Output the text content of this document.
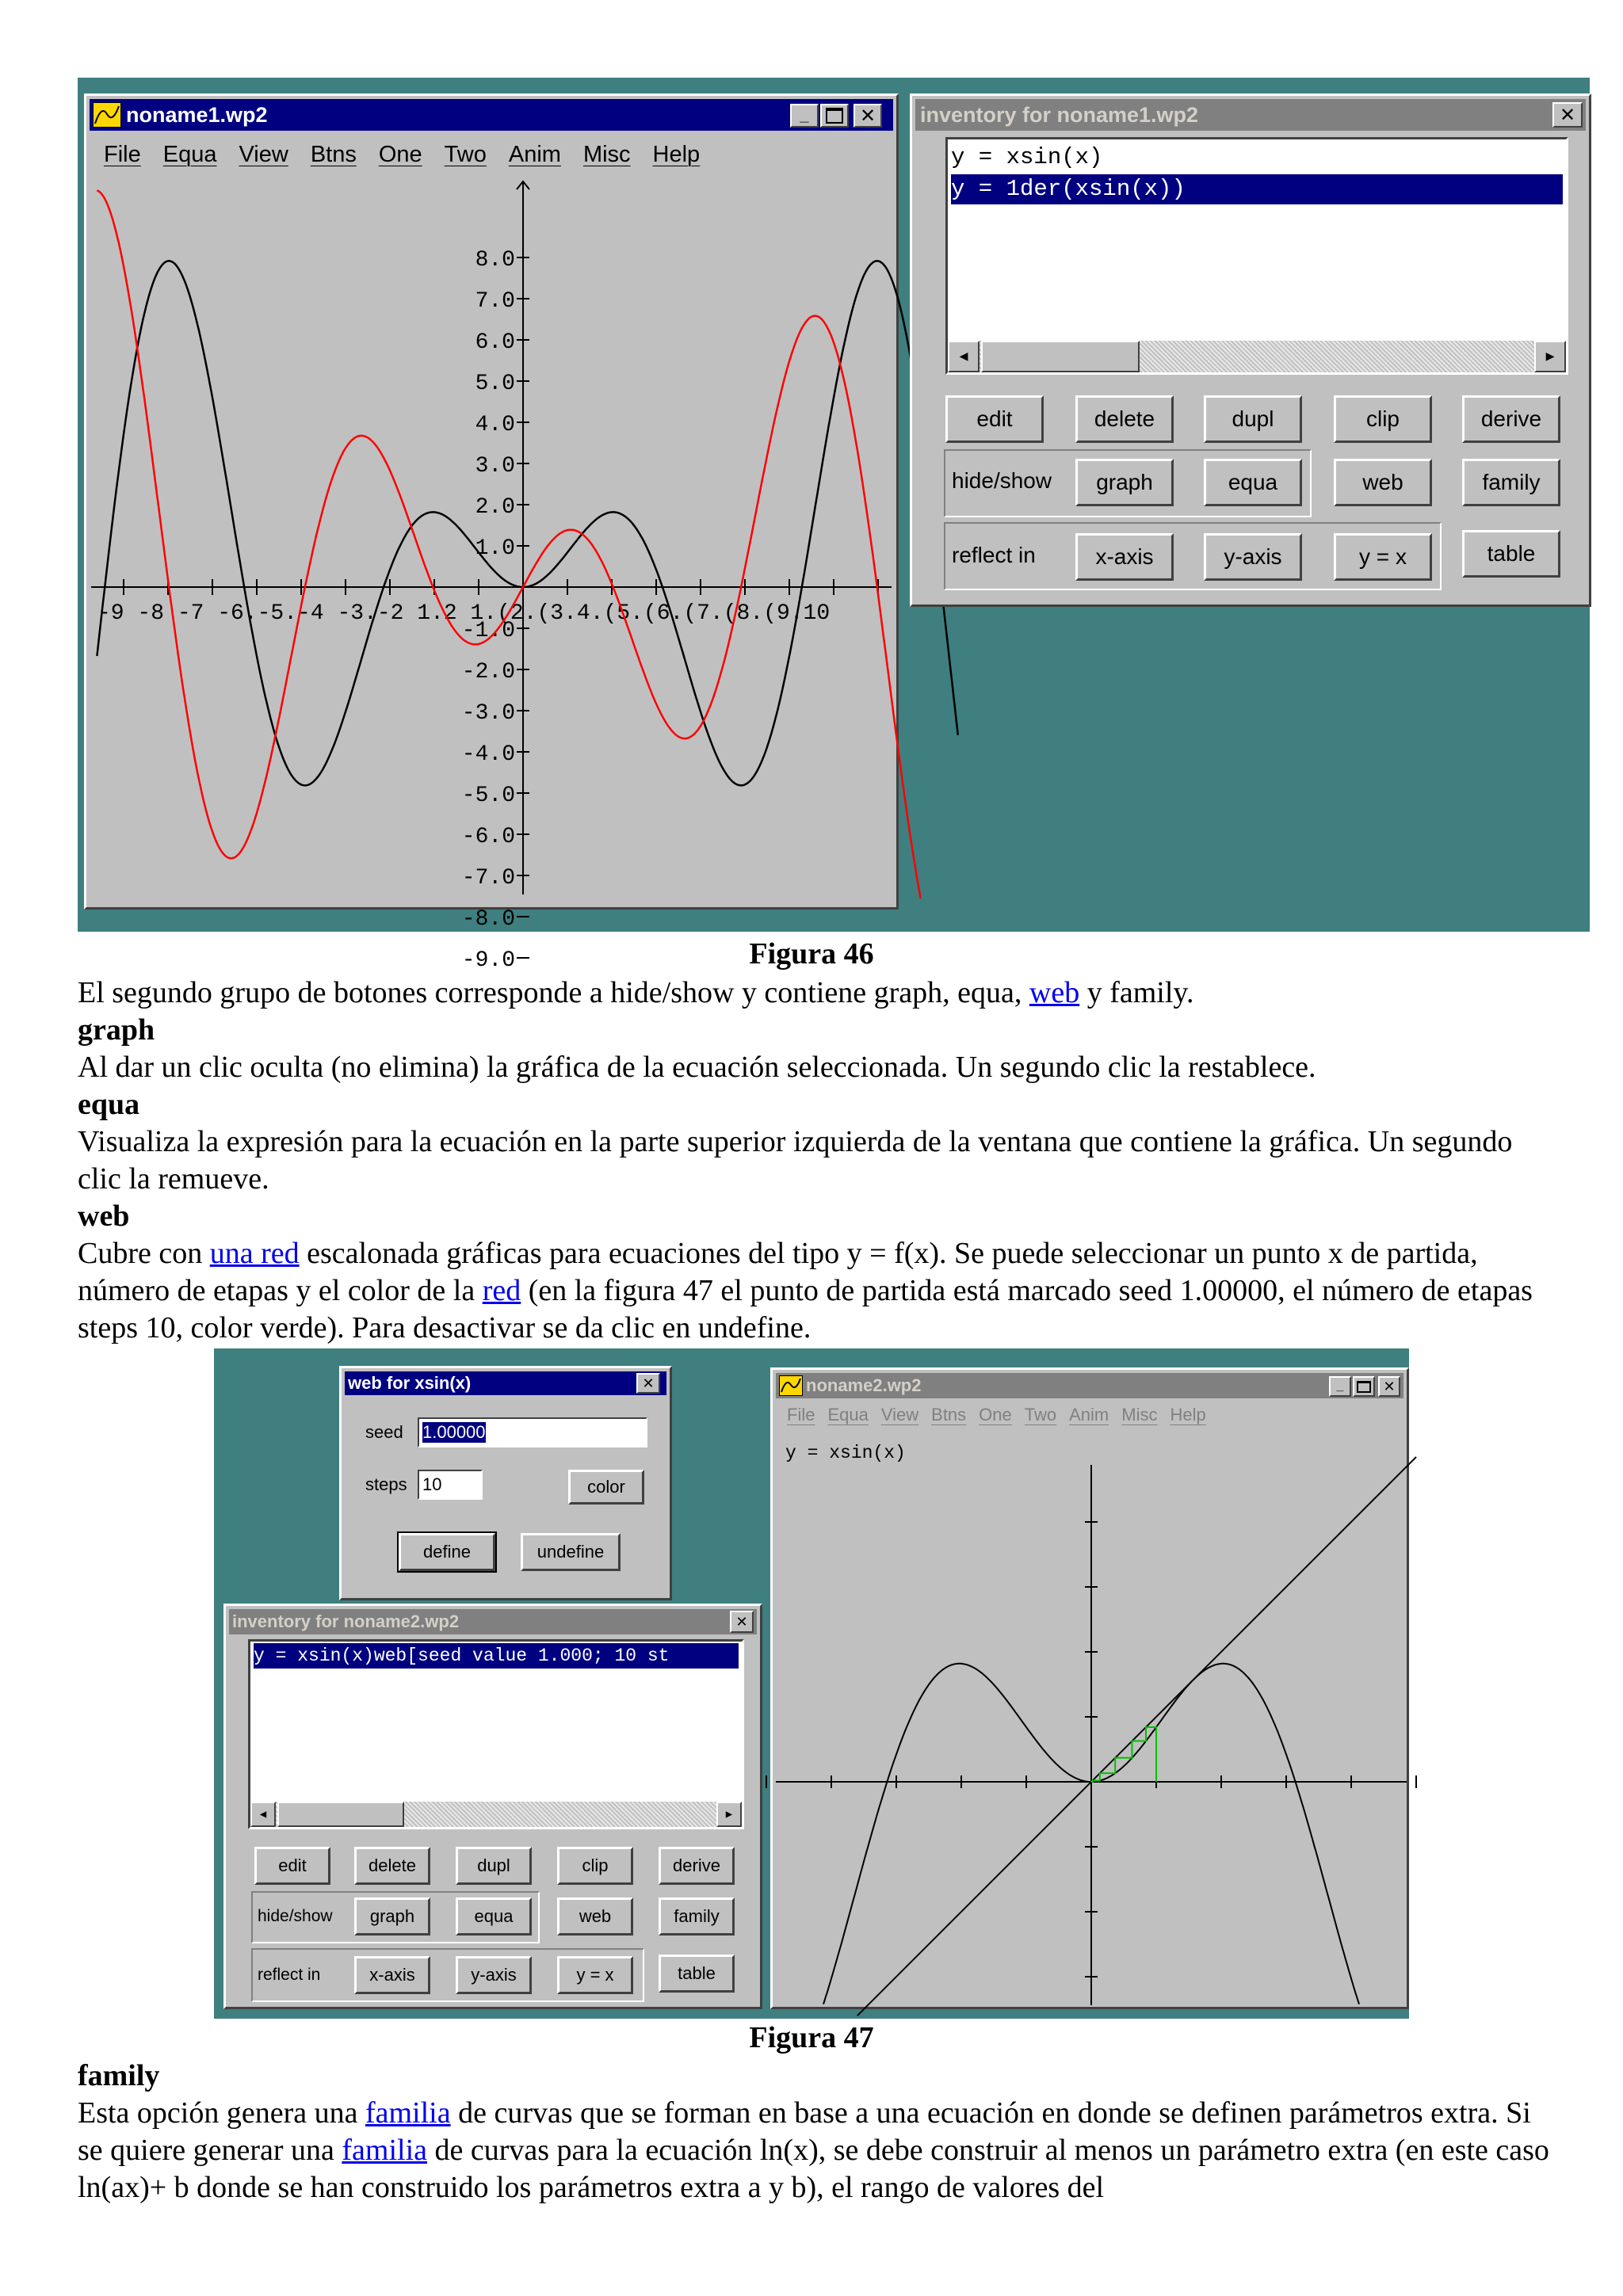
noname1.wp2	_	✕
File Equa View Btns One Two Anim Misc Help
8.0
7.0
6.0
5.0
4.0
3.0
2.0
1.0
-1.0
-2.0
-3.0
-4.0
-5.0
-6.0
-7.0
-8.0
-9.0
-9 -8 -7 -6.-5.-4 -3.-2 1.2 1.(2.(3.4.(5.(6.(7.(8.(9.10
inventory for noname1.wp2	✕
y = xsin(x)
y = 1der(xsin(x))
◀	▶
edit	delete	dupl	clip	derive
hide/show	graph	equa	web	family
reflect in	x-axis	y-axis	y = x	table
Figura 46
El segundo grupo de botones corresponde a hide/show y contiene graph, equa, web y family.
graph
Al dar un clic oculta (no elimina) la gráfica de la ecuación seleccionada. Un segundo clic la restablece.
equa
Visualiza la expresión para la ecuación en la parte superior izquierda de la ventana que contiene la gráfica. Un segundo clic la remueve.
web
Cubre con una red escalonada gráficas para ecuaciones del tipo y = f(x). Se puede seleccionar un punto x de partida, número de etapas y el color de la red (en la figura 47 el punto de partida está marcado seed 1.00000, el número de etapas steps 10, color verde). Para desactivar se da clic en undefine.
web for xsin(x)	✕
seed 1.00000
steps 10	color
define	undefine
inventory for noname2.wp2	✕
y = xsin(x)web[seed value 1.000; 10 st
◀	▶
edit	delete	dupl	clip	derive
hide/show	graph	equa	web	family
reflect in	x-axis	y-axis	y = x	table
noname2.wp2	_	✕
File Equa View Btns One Two Anim Misc Help
y = xsin(x)
Figura 47
family
Esta opción genera una familia de curvas que se forman en base a una ecuación en donde se definen parámetros extra. Si se quiere generar una familia de curvas para la ecuación ln(x), se debe construir al menos un parámetro extra (en este caso ln(ax)+ b donde se han construido los parámetros extra a y b), el rango de valores del
